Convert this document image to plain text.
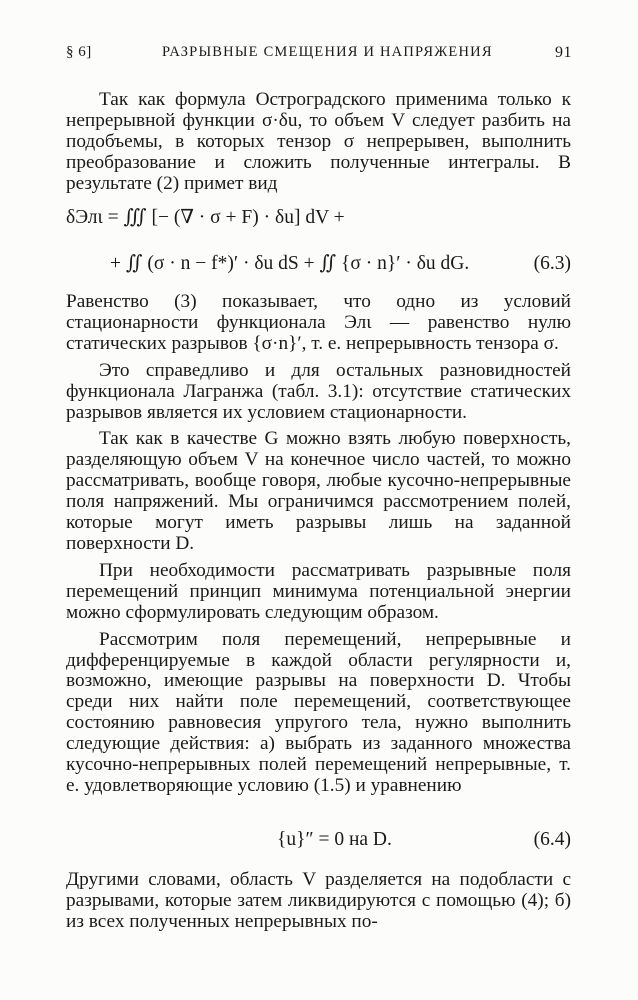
§ 6]	РАЗРЫВНЫЕ СМЕЩЕНИЯ И НАПРЯЖЕНИЯ	91

Так как формула Остроградского применима только к непрерывной функции σ·δu, то объем V следует разбить на подобъемы, в которых тензор σ непрерывен, выполнить преобразование и сложить полученные интегралы. В результате (2) примет вид

δЭлι = ∭ [− (∇ · σ + F) · δu] dV +
+ ∬ (σ · n − f*)′ · δu dS + ∬ {σ · n}′ · δu dG.	(6.3)

Равенство (3) показывает, что одно из условий стационарности функционала Элι — равенство нулю статических разрывов {σ·n}′, т. е. непрерывность тензора σ.

Это справедливо и для остальных разновидностей функционала Лагранжа (табл. 3.1): отсутствие статических разрывов является их условием стационарности.

Так как в качестве G можно взять любую поверхность, разделяющую объем V на конечное число частей, то можно рассматривать, вообще говоря, любые кусочно-непрерывные поля напряжений. Мы ограничимся рассмотрением полей, которые могут иметь разрывы лишь на заданной поверхности D.

При необходимости рассматривать разрывные поля перемещений принцип минимума потенциальной энергии можно сформулировать следующим образом.

Рассмотрим поля перемещений, непрерывные и дифференцируемые в каждой области регулярности и, возможно, имеющие разрывы на поверхности D. Чтобы среди них найти поле перемещений, соответствующее состоянию равновесия упругого тела, нужно выполнить следующие действия: а) выбрать из заданного множества кусочно-непрерывных полей перемещений непрерывные, т. е. удовлетворяющие условию (1.5) и уравнению

{u}″ = 0 на D.	(6.4)

Другими словами, область V разделяется на подобласти с разрывами, которые затем ликвидируются с помощью (4); б) из всех полученных непрерывных по-
